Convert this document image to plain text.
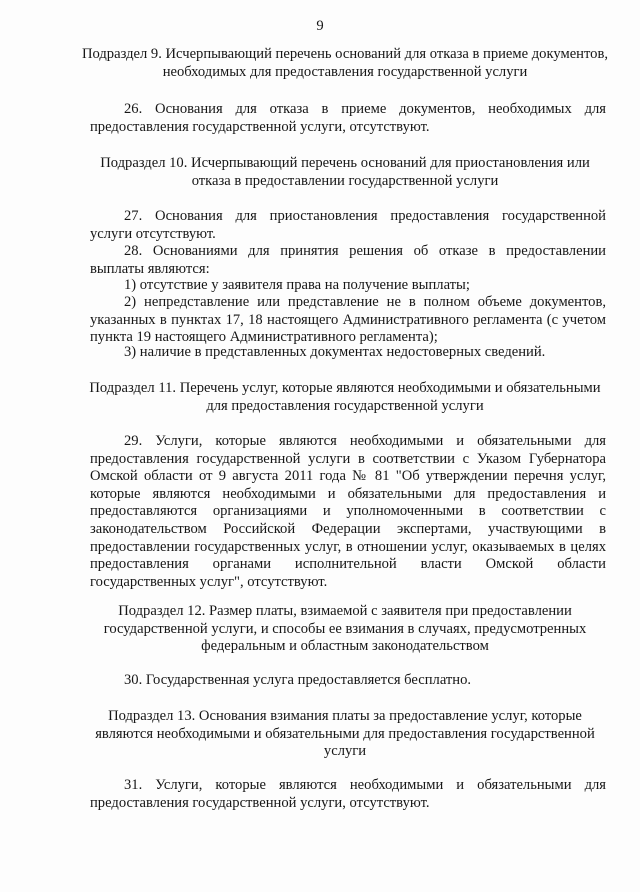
9
Подраздел 9. Исчерпывающий перечень оснований для отказа в приеме документов, необходимых для предоставления государственной услуги
26. Основания для отказа в приеме документов, необходимых для предоставления государственной услуги, отсутствуют.
Подраздел 10. Исчерпывающий перечень оснований для приостановления или отказа в предоставлении государственной услуги
27. Основания для приостановления предоставления государственной услуги отсутствуют.
28. Основаниями для принятия решения об отказе в предоставлении выплаты являются:
1) отсутствие у заявителя права на получение выплаты;
2) непредставление или представление не в полном объеме документов, указанных в пунктах 17, 18 настоящего Административного регламента (с учетом пункта 19 настоящего Административного регламента);
3) наличие в представленных документах недостоверных сведений.
Подраздел 11. Перечень услуг, которые являются необходимыми и обязательными для предоставления государственной услуги
29. Услуги, которые являются необходимыми и обязательными для предоставления государственной услуги в соответствии с Указом Губернатора Омской области от 9 августа 2011 года № 81 "Об утверждении перечня услуг, которые являются необходимыми и обязательными для предоставления и предоставляются организациями и уполномоченными в соответствии с законодательством Российской Федерации экспертами, участвующими в предоставлении государственных услуг, в отношении услуг, оказываемых в целях предоставления органами исполнительной власти Омской области государственных услуг", отсутствуют.
Подраздел 12. Размер платы, взимаемой с заявителя при предоставлении государственной услуги, и способы ее взимания в случаях, предусмотренных федеральным и областным законодательством
30. Государственная услуга предоставляется бесплатно.
Подраздел 13. Основания взимания платы за предоставление услуг, которые являются необходимыми и обязательными для предоставления государственной услуги
31. Услуги, которые являются необходимыми и обязательными для предоставления государственной услуги, отсутствуют.
